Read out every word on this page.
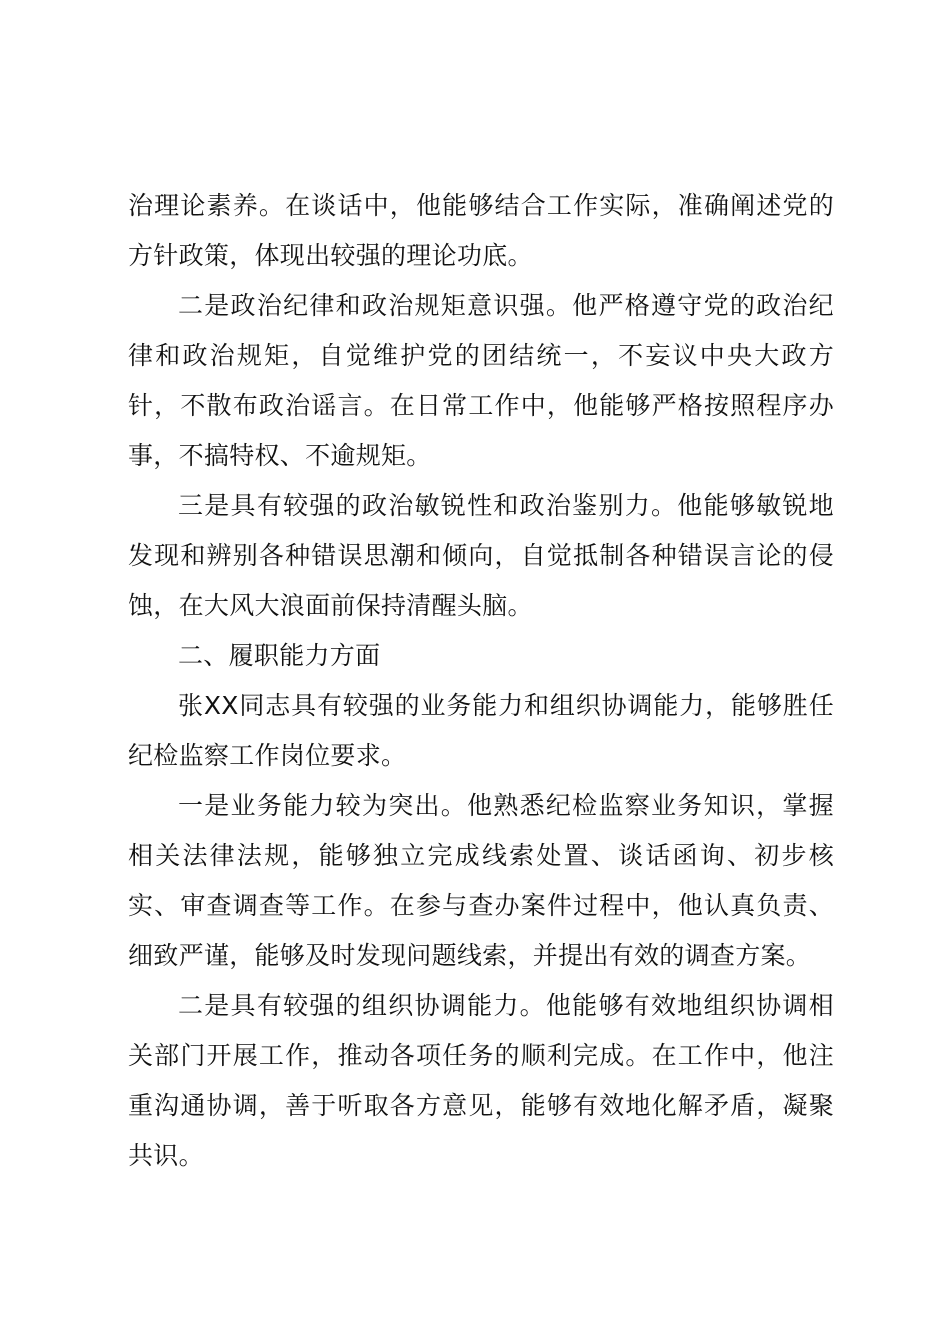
治理论素养。在谈话中，他能够结合工作实际，准确阐述党的方针政策，体现出较强的理论功底。

二是政治纪律和政治规矩意识强。他严格遵守党的政治纪律和政治规矩，自觉维护党的团结统一，不妄议中央大政方针，不散布政治谣言。在日常工作中，他能够严格按照程序办事，不搞特权、不逾规矩。

三是具有较强的政治敏锐性和政治鉴别力。他能够敏锐地发现和辨别各种错误思潮和倾向，自觉抵制各种错误言论的侵蚀，在大风大浪面前保持清醒头脑。

二、履职能力方面

张XX同志具有较强的业务能力和组织协调能力，能够胜任纪检监察工作岗位要求。

一是业务能力较为突出。他熟悉纪检监察业务知识，掌握相关法律法规，能够独立完成线索处置、谈话函询、初步核实、审查调查等工作。在参与查办案件过程中，他认真负责、细致严谨，能够及时发现问题线索，并提出有效的调查方案。

二是具有较强的组织协调能力。他能够有效地组织协调相关部门开展工作，推动各项任务的顺利完成。在工作中，他注重沟通协调，善于听取各方意见，能够有效地化解矛盾，凝聚共识。
